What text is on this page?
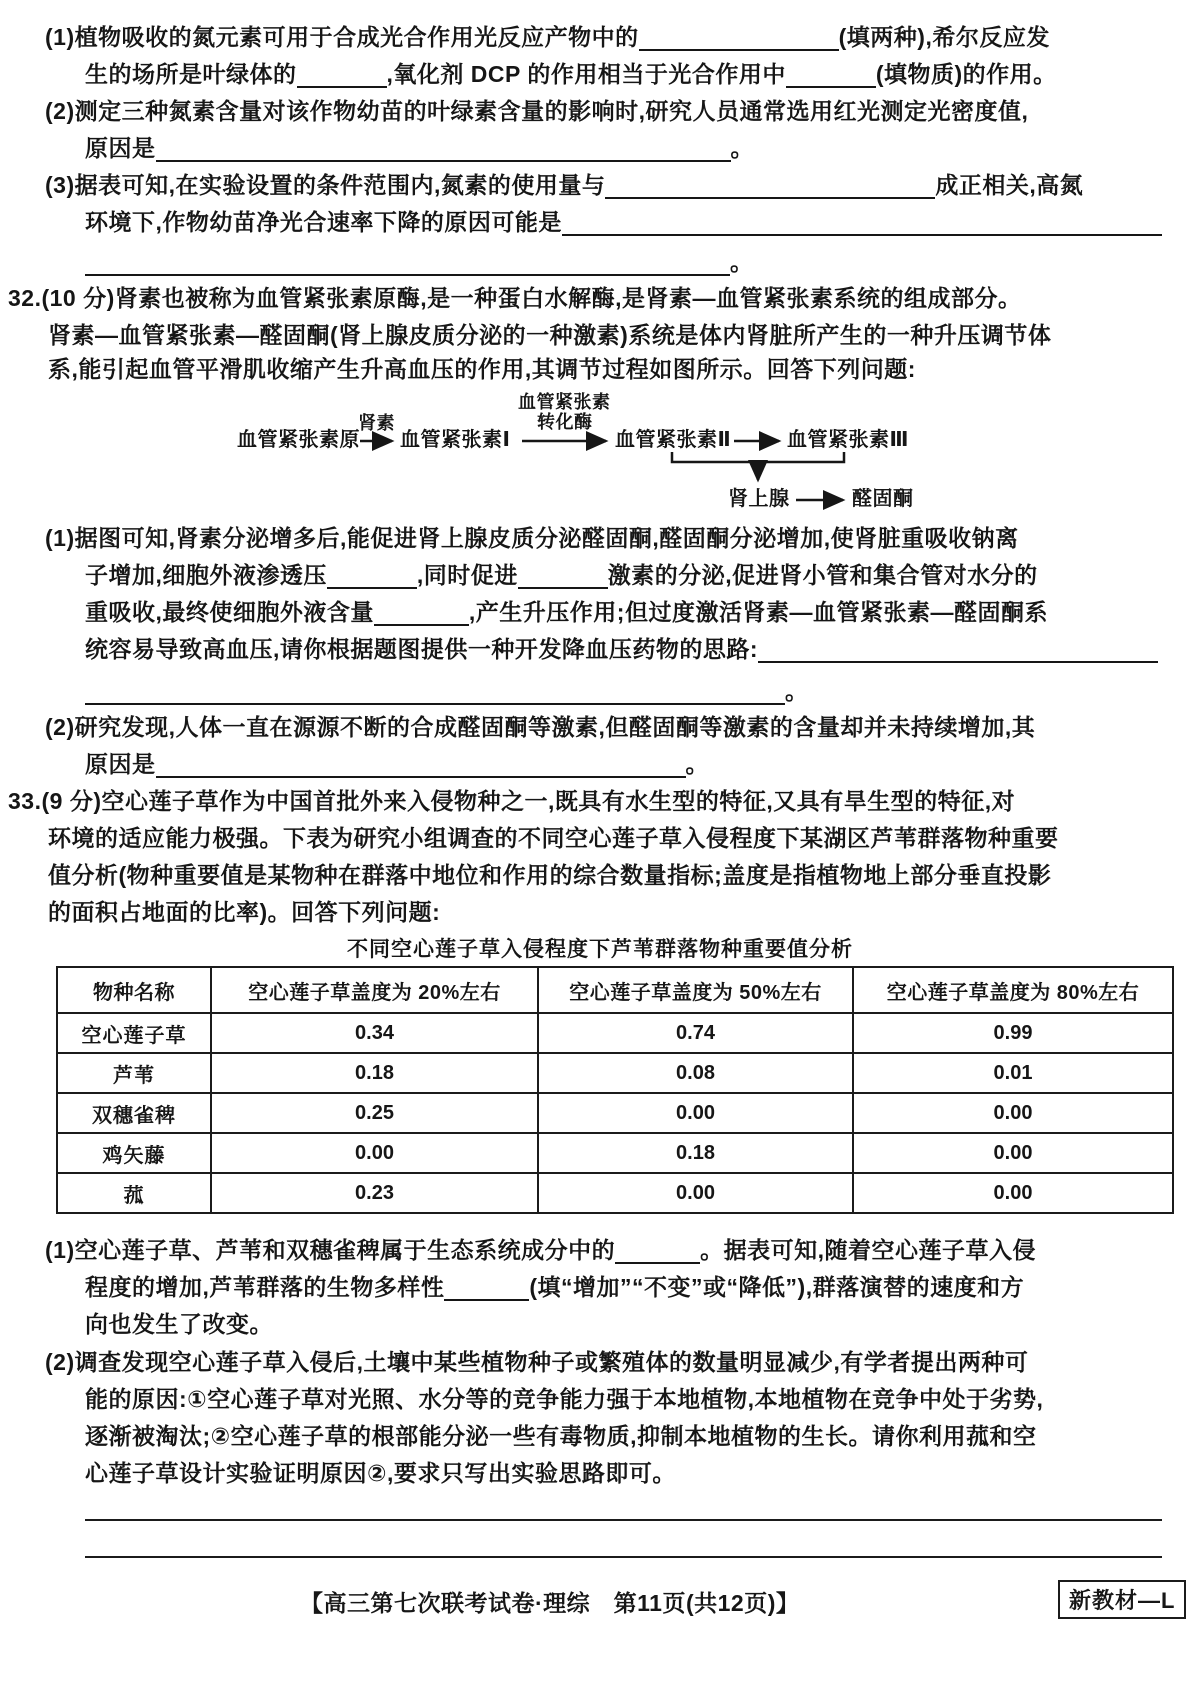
(1)植物吸收的氮元素可用于合成光合作用光反应产物中的	(填两种),希尔反应发
生的场所是叶绿体的	,氧化剂 DCP 的作用相当于光合作用中	(填物质)的作用。
(2)测定三种氮素含量对该作物幼苗的叶绿素含量的影响时,研究人员通常选用红光测定光密度值,
原因是	。
(3)据表可知,在实验设置的条件范围内,氮素的使用量与	成正相关,高氮
环境下,作物幼苗净光合速率下降的原因可能是
。
32.(10 分)肾素也被称为血管紧张素原酶,是一种蛋白水解酶,是肾素—血管紧张素系统的组成部分。
肾素—血管紧张素—醛固酮(肾上腺皮质分泌的一种激素)系统是体内肾脏所产生的一种升压调节体
系,能引起血管平滑肌收缩产生升高血压的作用,其调节过程如图所示。回答下列问题:
肾素
血管紧张素
转化酶
血管紧张素原 血管紧张素Ⅰ	血管紧张素Ⅱ	血管紧张素Ⅲ
肾上腺	醛固酮
(1)据图可知,肾素分泌增多后,能促进肾上腺皮质分泌醛固酮,醛固酮分泌增加,使肾脏重吸收钠离
子增加,细胞外液渗透压	,同时促进	激素的分泌,促进肾小管和集合管对水分的
重吸收,最终使细胞外液含量	,产生升压作用;但过度激活肾素—血管紧张素—醛固酮系
统容易导致高血压,请你根据题图提供一种开发降血压药物的思路:
。
(2)研究发现,人体一直在源源不断的合成醛固酮等激素,但醛固酮等激素的含量却并未持续增加,其
原因是	。
33.(9 分)空心莲子草作为中国首批外来入侵物种之一,既具有水生型的特征,又具有旱生型的特征,对
环境的适应能力极强。下表为研究小组调查的不同空心莲子草入侵程度下某湖区芦苇群落物种重要
值分析(物种重要值是某物种在群落中地位和作用的综合数量指标;盖度是指植物地上部分垂直投影
的面积占地面的比率)。回答下列问题:
不同空心莲子草入侵程度下芦苇群落物种重要值分析
物种名称	空心莲子草盖度为 20%左右	空心莲子草盖度为 50%左右	空心莲子草盖度为 80%左右
空心莲子草	0.34	0.74	0.99
芦苇	0.18	0.08	0.01
双穗雀稗	0.25	0.00	0.00
鸡矢藤	0.00	0.18	0.00
菰	0.23	0.00	0.00
(1)空心莲子草、芦苇和双穗雀稗属于生态系统成分中的	。据表可知,随着空心莲子草入侵
程度的增加,芦苇群落的生物多样性	(填“增加”“不变”或“降低”),群落演替的速度和方
向也发生了改变。
(2)调查发现空心莲子草入侵后,土壤中某些植物种子或繁殖体的数量明显减少,有学者提出两种可
能的原因:①空心莲子草对光照、水分等的竞争能力强于本地植物,本地植物在竞争中处于劣势,
逐渐被淘汰;②空心莲子草的根部能分泌一些有毒物质,抑制本地植物的生长。请你利用菰和空
心莲子草设计实验证明原因②,要求只写出实验思路即可。
【高三第七次联考试卷·理综　第11页(共12页)】	新教材—L
